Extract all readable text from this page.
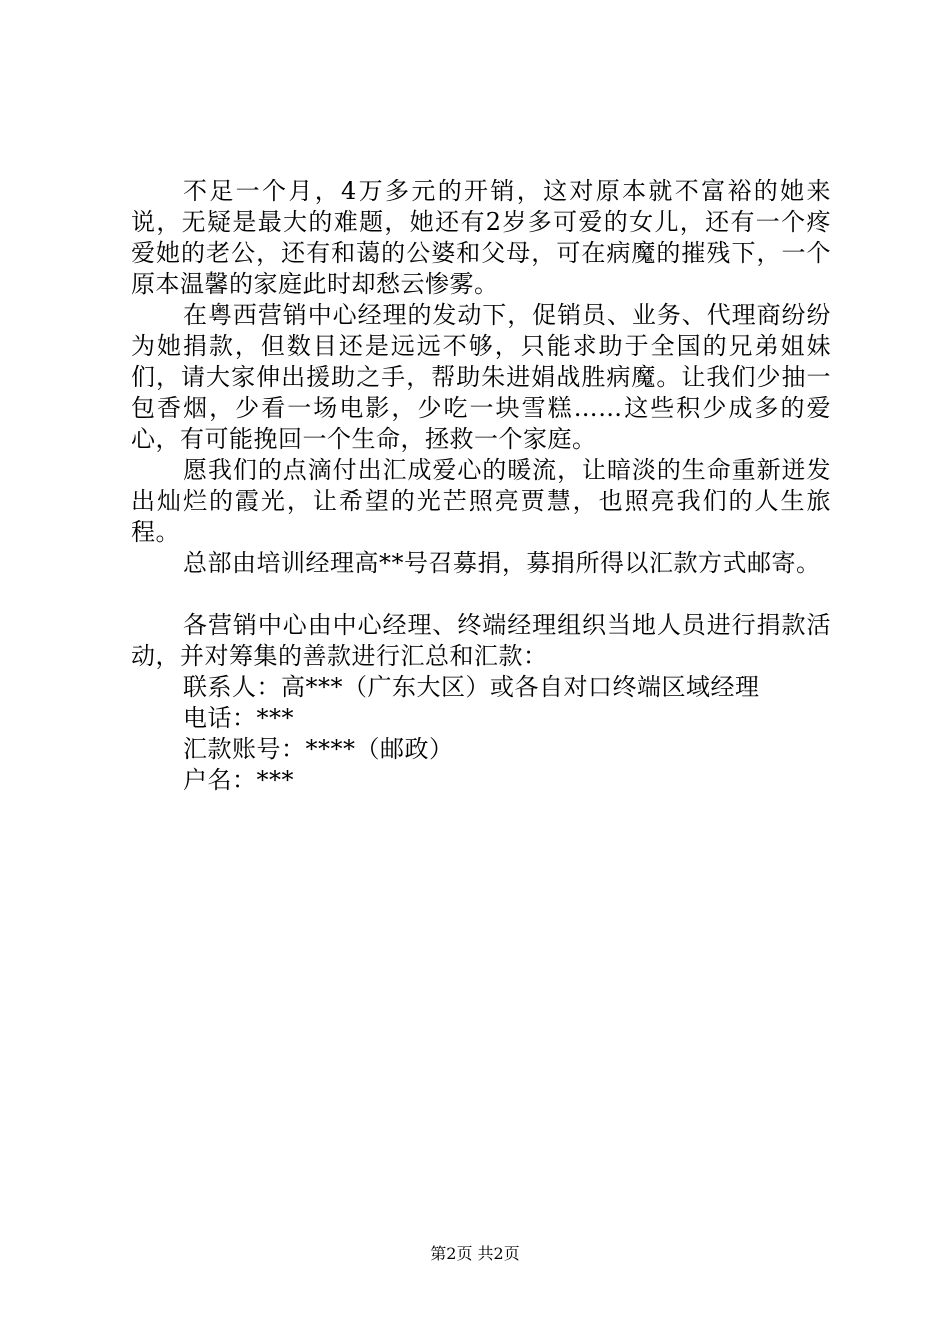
不足一个月，4万多元的开销，这对原本就不富裕的她来说，无疑是最大的难题，她还有2岁多可爱的女儿，还有一个疼爱她的老公，还有和蔼的公婆和父母，可在病魔的摧残下，一个原本温馨的家庭此时却愁云惨雾。

在粤西营销中心经理的发动下，促销员、业务、代理商纷纷为她捐款，但数目还是远远不够，只能求助于全国的兄弟姐妹们，请大家伸出援助之手，帮助朱进娟战胜病魔。让我们少抽一包香烟，少看一场电影，少吃一块雪糕……这些积少成多的爱心，有可能挽回一个生命，拯救一个家庭。

愿我们的点滴付出汇成爱心的暖流，让暗淡的生命重新迸发出灿烂的霞光，让希望的光芒照亮贾慧，也照亮我们的人生旅程。

总部由培训经理高**号召募捐，募捐所得以汇款方式邮寄。

各营销中心由中心经理、终端经理组织当地人员进行捐款活动，并对筹集的善款进行汇总和汇款：

联系人：高***（广东大区）或各自对口终端区域经理

电话：***

汇款账号：****（邮政）

户名：***

第2页 共2页
